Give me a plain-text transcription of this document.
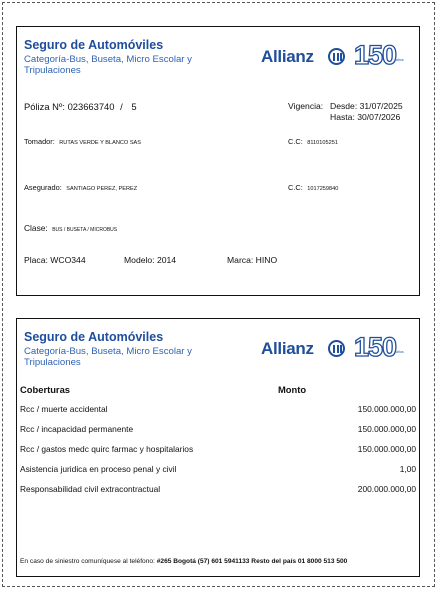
Seguro de Automóviles
Categoría-Bus, Buseta, Micro Escolar y Tripulaciones
Allianz 150 años
Póliza Nº: 023663740 / 5	Vigencia: Desde: 31/07/2025
Hasta: 30/07/2026
Tomador: RUTAS VERDE Y BLANCO SAS	C.C: 8110105251
Asegurado: SANTIAGO PEREZ, PEREZ	C.C: 1017259840
Clase: BUS / BUSETA / MICROBUS
Placa: WCO344	Modelo: 2014	Marca: HINO
Seguro de Automóviles
Categoría-Bus, Buseta, Micro Escolar y Tripulaciones
Allianz 150 años
Coberturas	Monto
Rcc / muerte accidental	150.000.000,00
Rcc / incapacidad permanente	150.000.000,00
Rcc / gastos medc quirc farmac y hospitalarios	150.000.000,00
Asistencia juridica en proceso penal y civil	1,00
Responsabilidad civil extracontractual	200.000.000,00
En caso de siniestro comuníquese al teléfono: #265 Bogotá (57) 601 5941133 Resto del país 01 8000 513 500
